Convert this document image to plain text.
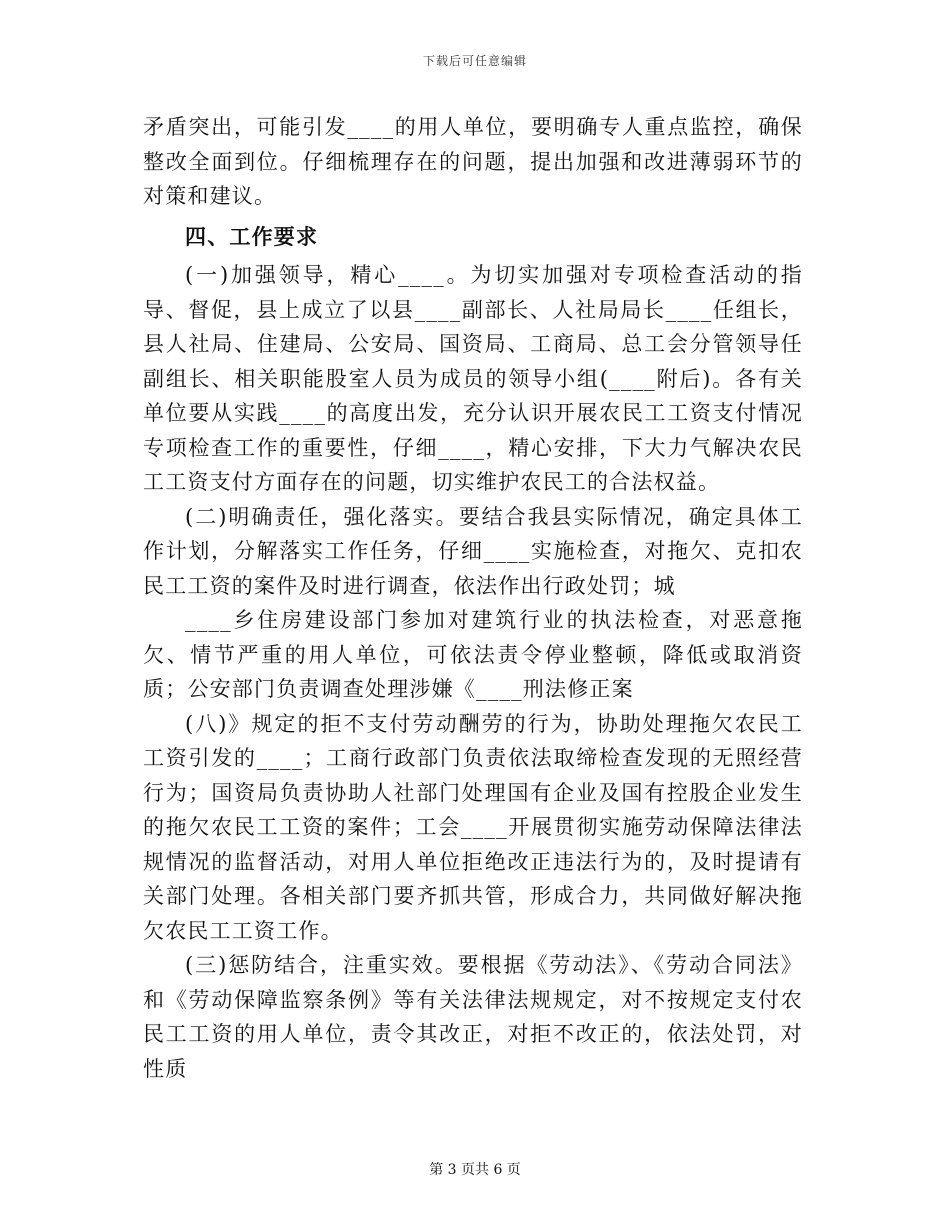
下载后可任意编辑

矛盾突出，可能引发____的用人单位，要明确专人重点监控，确保整改全面到位。仔细梳理存在的问题，提出加强和改进薄弱环节的对策和建议。

四、工作要求

(一)加强领导，精心____。为切实加强对专项检查活动的指导、督促，县上成立了以县____副部长、人社局局长____任组长，县人社局、住建局、公安局、国资局、工商局、总工会分管领导任副组长、相关职能股室人员为成员的领导小组(____附后)。各有关单位要从实践____的高度出发，充分认识开展农民工工资支付情况专项检查工作的重要性，仔细____，精心安排，下大力气解决农民工工资支付方面存在的问题，切实维护农民工的合法权益。

(二)明确责任，强化落实。要结合我县实际情况，确定具体工作计划，分解落实工作任务，仔细____实施检查，对拖欠、克扣农民工工资的案件及时进行调查，依法作出行政处罚；城

____乡住房建设部门参加对建筑行业的执法检查，对恶意拖欠、情节严重的用人单位，可依法责令停业整顿，降低或取消资质；公安部门负责调查处理涉嫌《____刑法修正案

(八)》规定的拒不支付劳动酬劳的行为，协助处理拖欠农民工工资引发的____；工商行政部门负责依法取缔检查发现的无照经营行为；国资局负责协助人社部门处理国有企业及国有控股企业发生的拖欠农民工工资的案件；工会____开展贯彻实施劳动保障法律法规情况的监督活动，对用人单位拒绝改正违法行为的，及时提请有关部门处理。各相关部门要齐抓共管，形成合力，共同做好解决拖欠农民工工资工作。

(三)惩防结合，注重实效。要根据《劳动法》、《劳动合同法》和《劳动保障监察条例》等有关法律法规规定，对不按规定支付农民工工资的用人单位，责令其改正，对拒不改正的，依法处罚，对性质

第 3 页共 6 页
